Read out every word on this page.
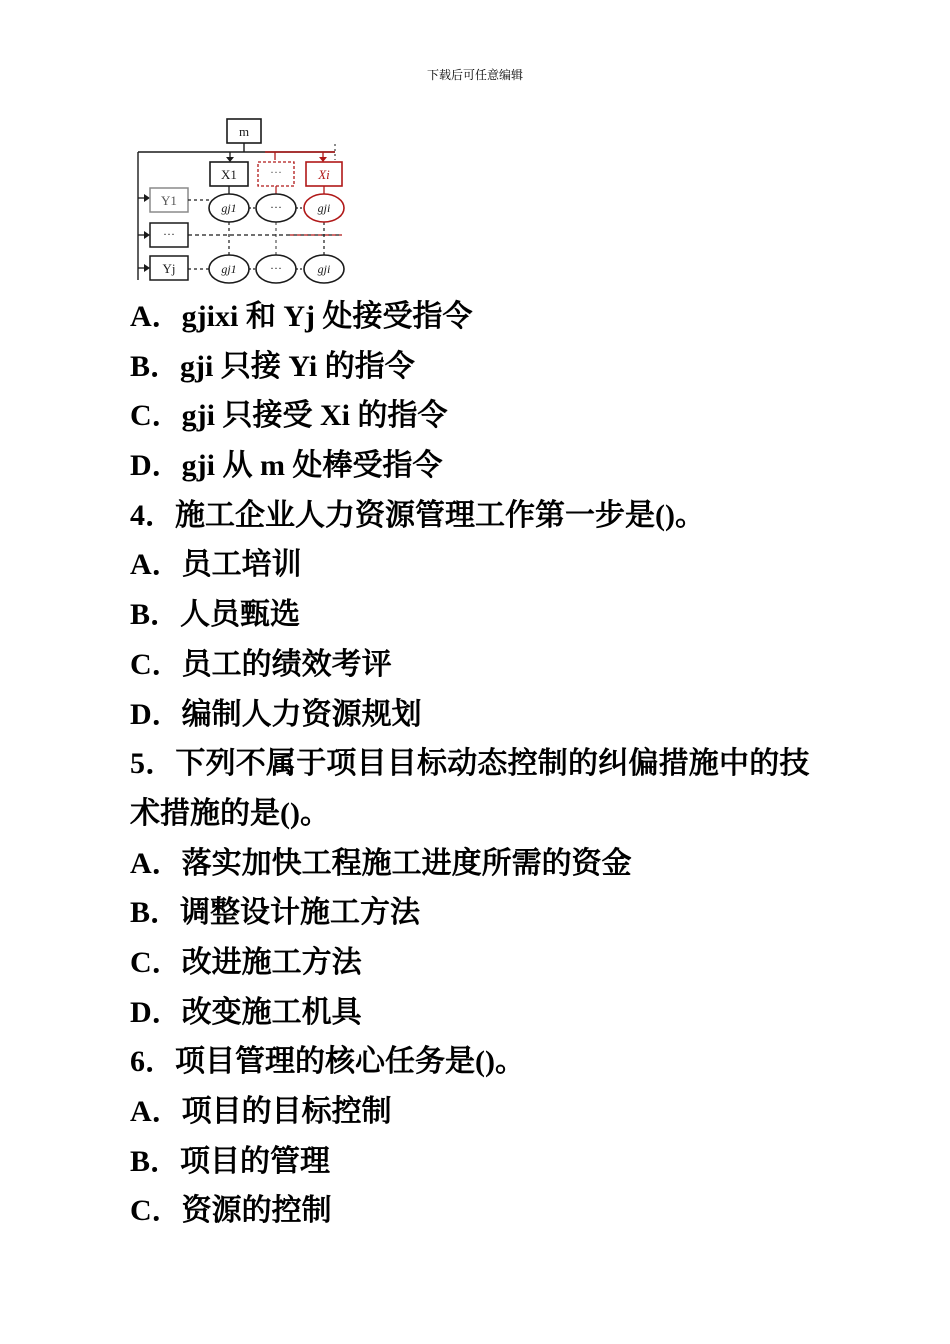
下载后可任意编辑
m
X1	···	Xi
Y1
···
Yj
gj1	···	gji
gj1	···	gji
A．gjixi 和 Yj 处接受指令
B．gji 只接 Yi 的指令
C．gji 只接受 Xi 的指令
D．gji 从 m 处棒受指令
4．施工企业人力资源管理工作第一步是()。
A．员工培训
B．人员甄选
C．员工的绩效考评
D．编制人力资源规划
5．下列不属于项目目标动态控制的纠偏措施中的技
术措施的是()。
A．落实加快工程施工进度所需的资金
B．调整设计施工方法
C．改进施工方法
D．改变施工机具
6．项目管理的核心任务是()。
A．项目的目标控制
B．项目的管理
C．资源的控制
